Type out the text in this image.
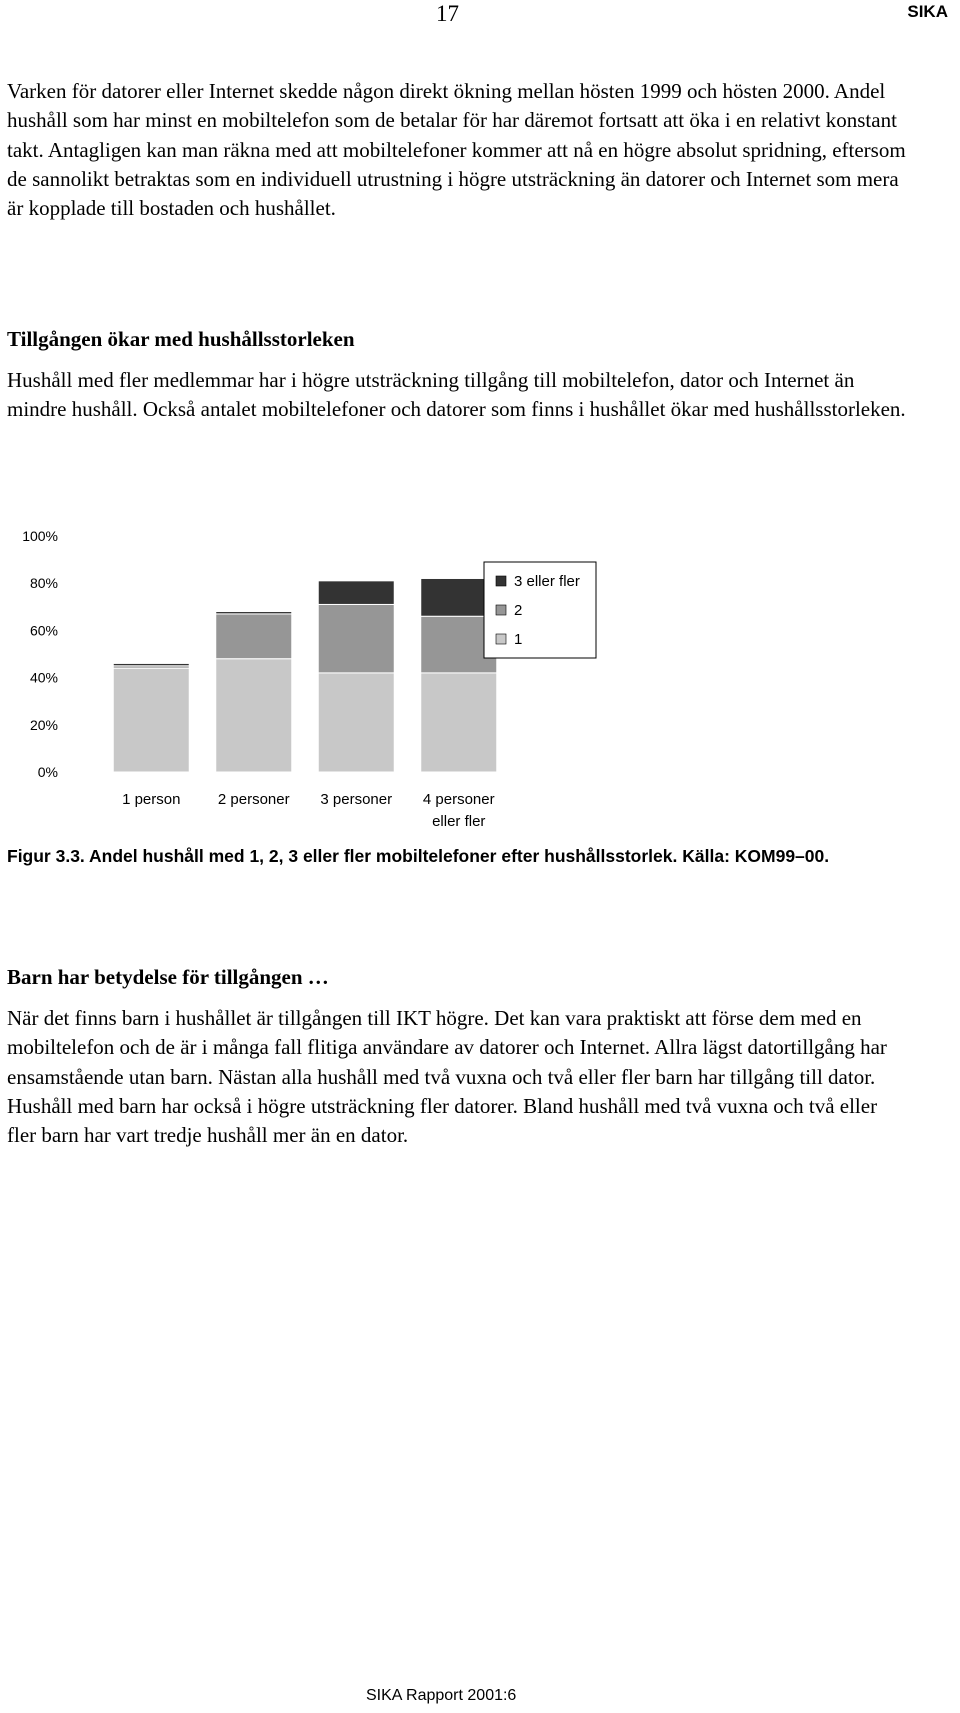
17	SIKA

Varken för datorer eller Internet skedde någon direkt ökning mellan hösten 1999 och hösten 2000. Andel hushåll som har minst en mobiltelefon som de betalar för har däremot fortsatt att öka i en relativt konstant takt. Antagligen kan man räkna med att mobiltelefoner kommer att nå en högre absolut spridning, eftersom de sannolikt betraktas som en individuell utrustning i högre utsträckning än datorer och Internet som mera är kopplade till bostaden och hushållet.

Tillgången ökar med hushållsstorleken

Hushåll med fler medlemmar har i högre utsträckning tillgång till mobiltelefon, dator och Internet än mindre hushåll. Också antalet mobiltelefoner och datorer som finns i hushållet ökar med hushållsstorleken.

0%
20%
40%
60%
80%
100%
1 person 2 personer 3 personer 4 personer eller fler
3 eller fler
2
1

Figur 3.3. Andel hushåll med 1, 2, 3 eller fler mobiltelefoner efter hushållsstorlek. Källa: KOM99–00.

Barn har betydelse för tillgången …

När det finns barn i hushållet är tillgången till IKT högre. Det kan vara praktiskt att förse dem med en mobiltelefon och de är i många fall flitiga användare av datorer och Internet. Allra lägst datortillgång har ensamstående utan barn. Nästan alla hushåll med två vuxna och två eller fler barn har tillgång till dator. Hushåll med barn har också i högre utsträckning fler datorer. Bland hushåll med två vuxna och två eller fler barn har vart tredje hushåll mer än en dator.

SIKA Rapport 2001:6
